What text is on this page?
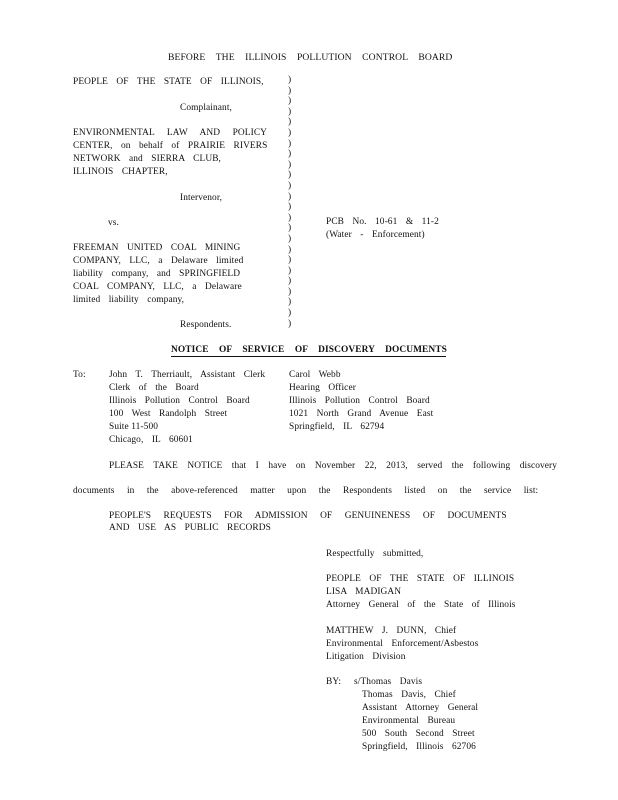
BEFORE THE ILLINOIS POLLUTION CONTROL BOARD
PEOPLE OF THE STATE OF ILLINOIS,
Complainant,
ENVIRONMENTAL LAW AND POLICY
CENTER, on behalf of PRAIRIE RIVERS
NETWORK and SIERRA CLUB,
ILLINOIS CHAPTER,
Intervenor,
vs.
FREEMAN UNITED COAL MINING
COMPANY, LLC, a Delaware limited
liability company, and SPRINGFIELD
COAL COMPANY, LLC, a Delaware
limited liability company,
Respondents.
)
)
)
)
)
)
)
)
)
)
)
)
)
)
)
)
)
)
)
)
)
)
)
)
PCB No. 10-61 & 11-2
(Water - Enforcement)
NOTICE OF SERVICE OF DISCOVERY DOCUMENTS
To: John T. Therriault, Assistant Clerk
Clerk of the Board
Illinois Pollution Control Board
100 West Randolph Street
Suite 11-500
Chicago, IL 60601
Carol Webb
Hearing Officer
Illinois Pollution Control Board
1021 North Grand Avenue East
Springfield, IL 62794
PLEASE TAKE NOTICE that I have on November 22, 2013, served the following discovery
documents in the above-referenced matter upon the Respondents listed on the service list:
PEOPLE'S REQUESTS FOR ADMISSION OF GENUINENESS OF DOCUMENTS
AND USE AS PUBLIC RECORDS
Respectfully submitted,
PEOPLE OF THE STATE OF ILLINOIS
LISA MADIGAN
Attorney General of the State of Illinois
MATTHEW J. DUNN, Chief
Environmental Enforcement/Asbestos
Litigation Division
BY: s/Thomas Davis
Thomas Davis, Chief
Assistant Attorney General
Environmental Bureau
500 South Second Street
Springfield, Illinois 62706
